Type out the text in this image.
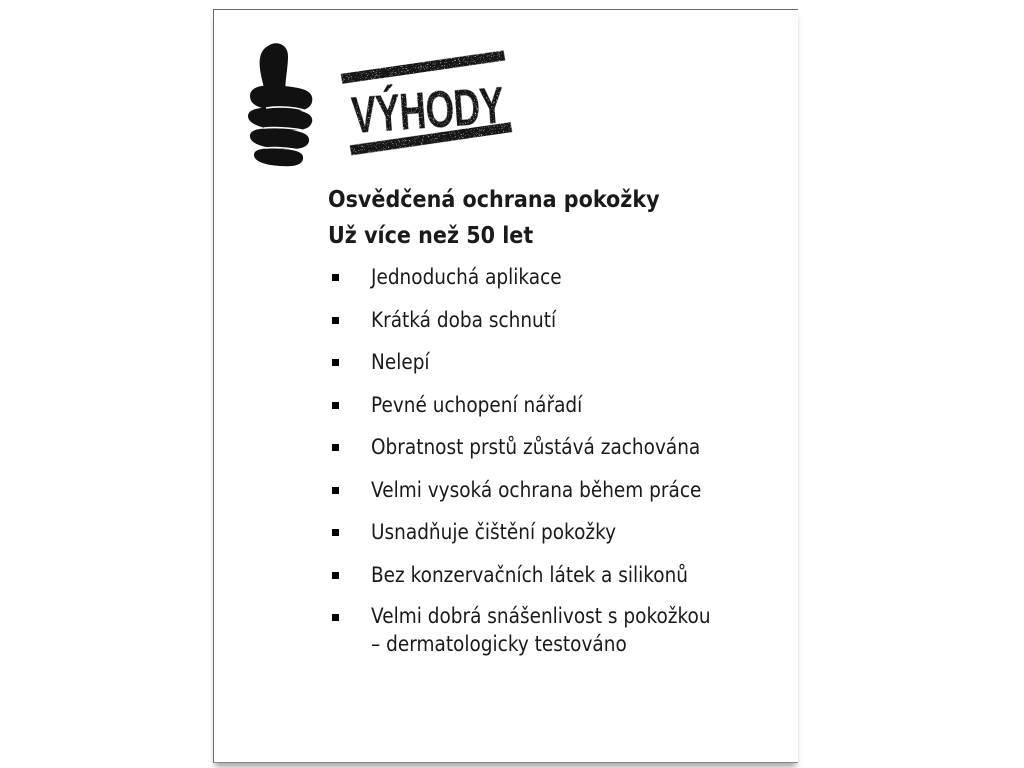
VÝHODY

Osvědčená ochrana pokožky

Už více než 50 let

Jednoduchá aplikace
Krátká doba schnutí
Nelepí
Pevné uchopení nářadí
Obratnost prstů zůstává zachována
Velmi vysoká ochrana během práce
Usnadňuje čištění pokožky
Bez konzervačních látek a silikonů
Velmi dobrá snášenlivost s pokožkou
– dermatologicky testováno
